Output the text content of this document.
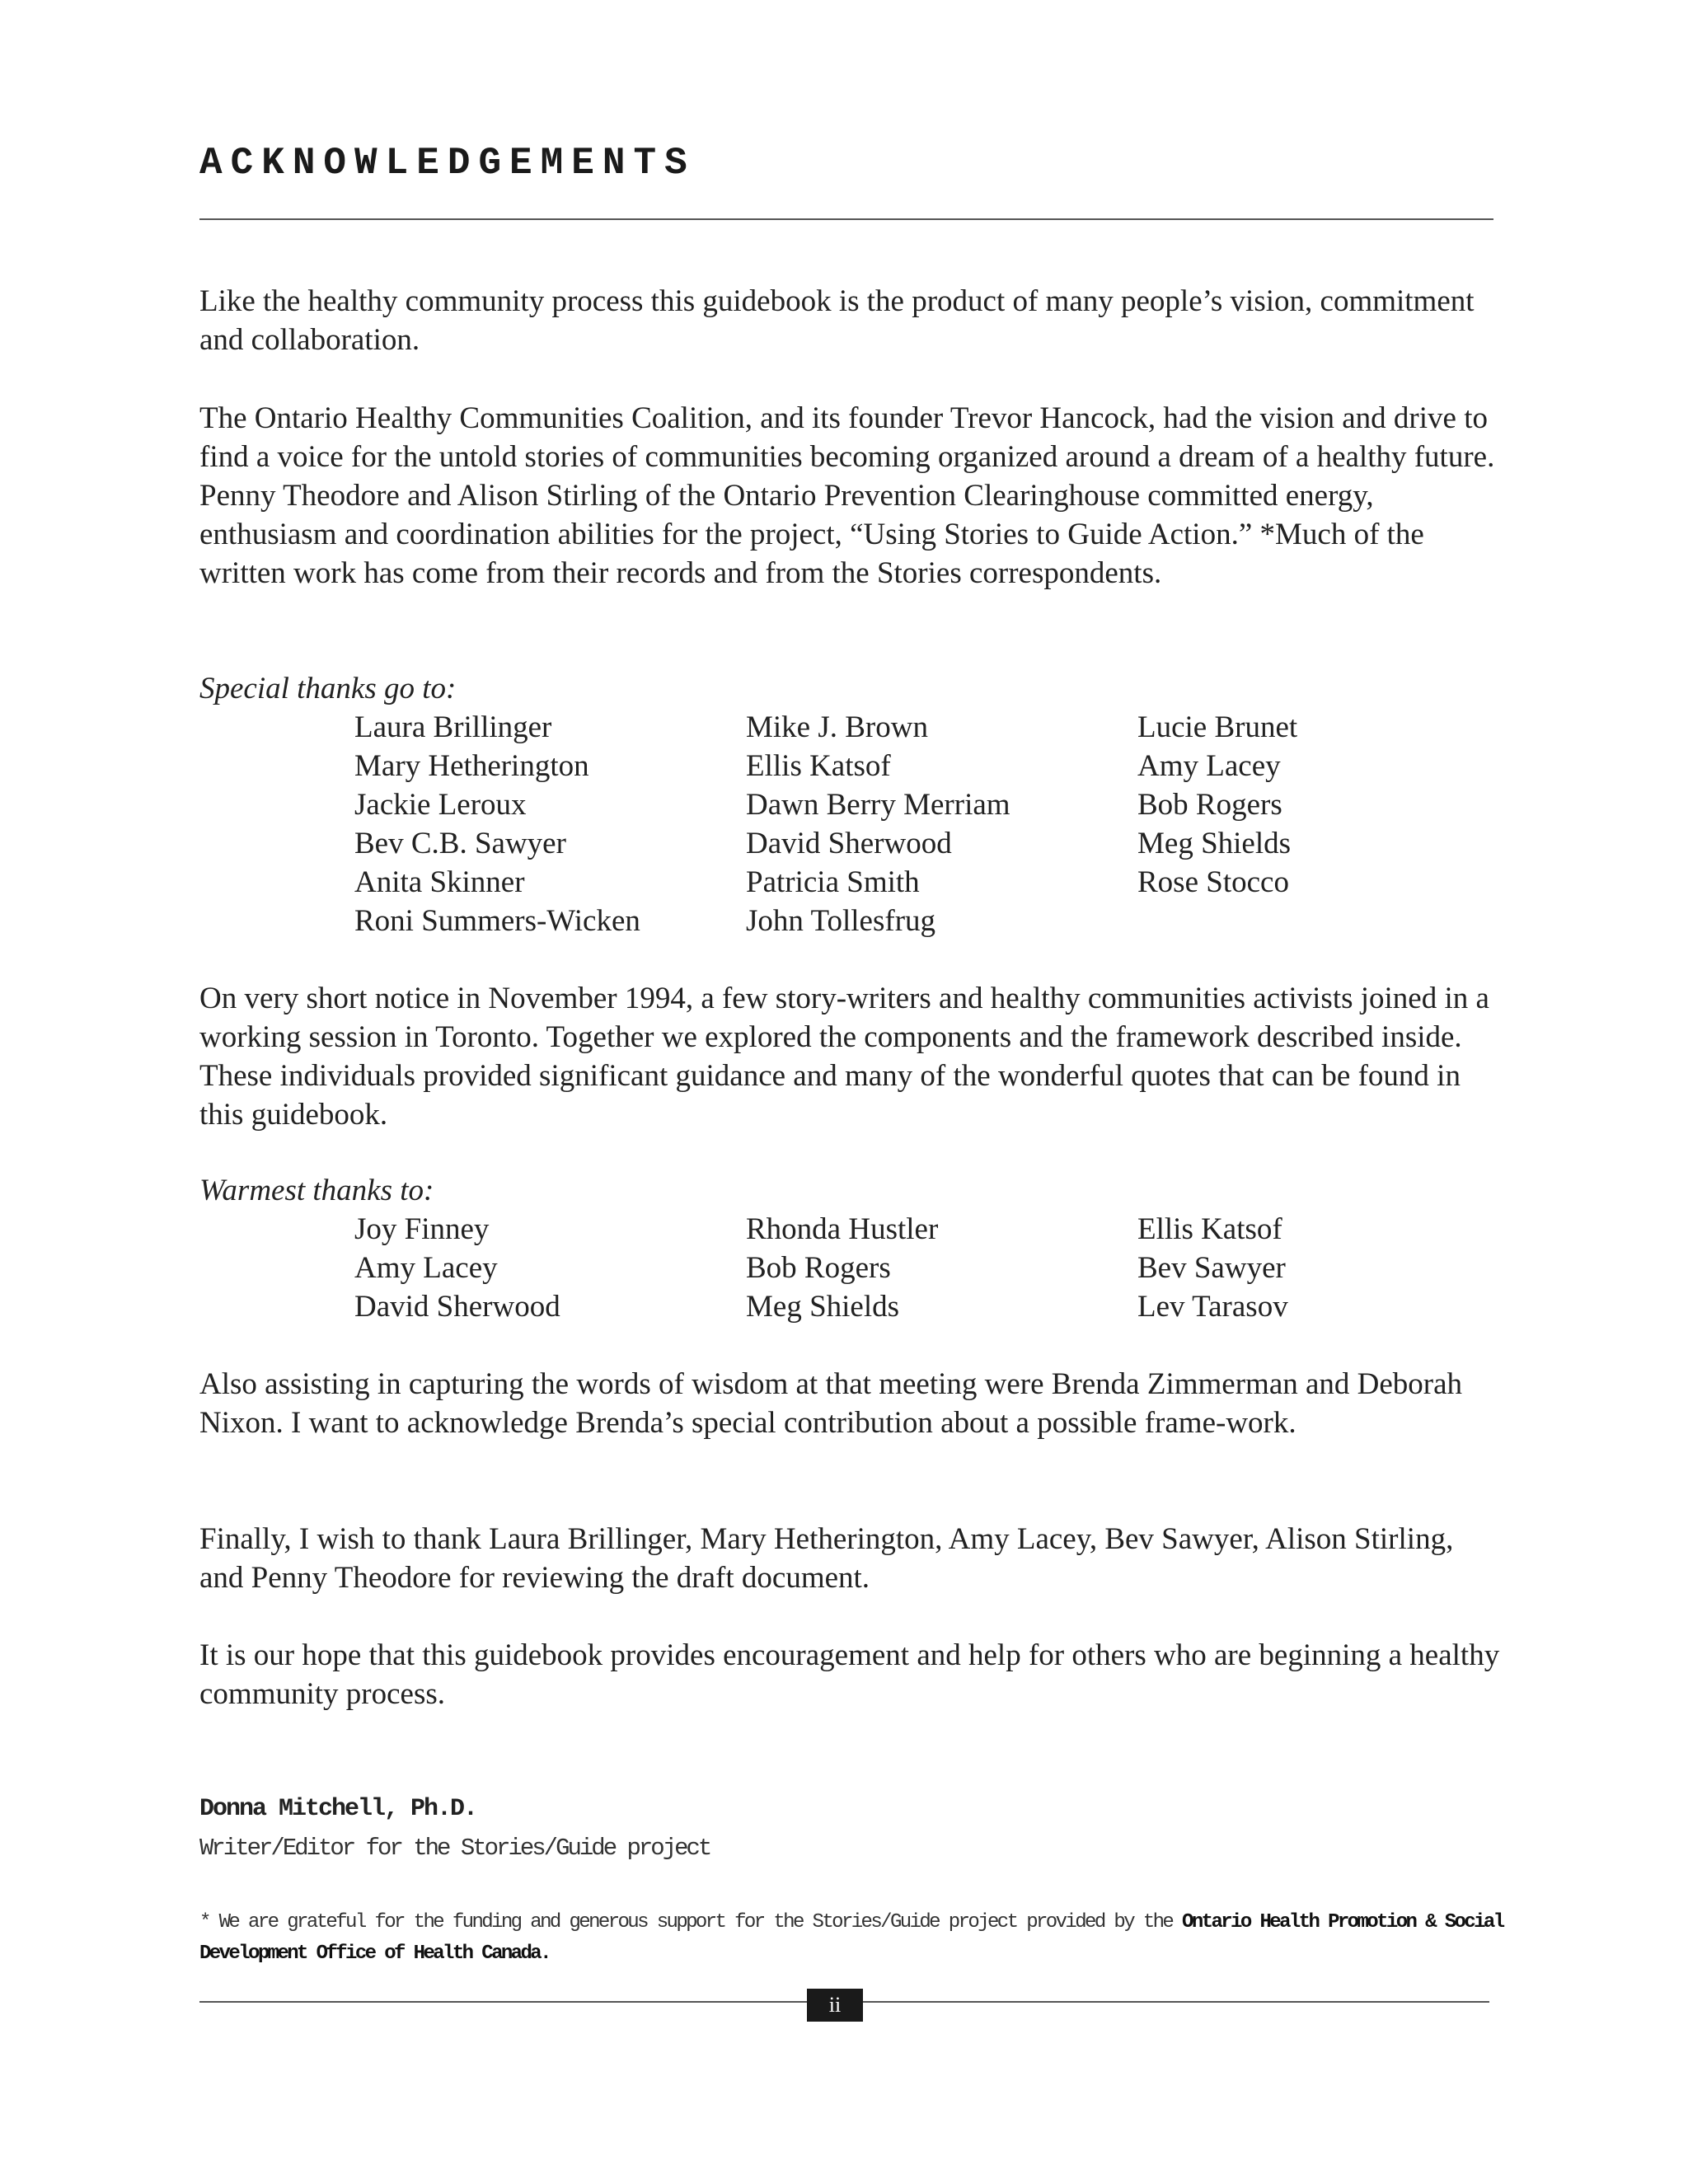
ACKNOWLEDGEMENTS

Like the healthy community process this guidebook is the product of many people’s vision, commitment and collaboration.

The Ontario Healthy Communities Coalition, and its founder Trevor Hancock, had the vision and drive to find a voice for the untold stories of communities becoming organized around a dream of a healthy future. Penny Theodore and Alison Stirling of the Ontario Prevention Clearinghouse committed energy, enthusiasm and coordination abilities for the project, “Using Stories to Guide Action.” *Much of the written work has come from their records and from the Stories correspondents.

Special thanks go to:
Laura Brillinger	Mike J. Brown	Lucie Brunet
Mary Hetherington	Ellis Katsof	Amy Lacey
Jackie Leroux	Dawn Berry Merriam	Bob Rogers
Bev C.B. Sawyer	David Sherwood	Meg Shields
Anita Skinner	Patricia Smith	Rose Stocco
Roni Summers-Wicken	John Tollesfrug

On very short notice in November 1994, a few story-writers and healthy communities activists joined in a working session in Toronto. Together we explored the components and the framework described inside. These individuals provided significant guidance and many of the wonderful quotes that can be found in this guidebook.

Warmest thanks to:
Joy Finney	Rhonda Hustler	Ellis Katsof
Amy Lacey	Bob Rogers	Bev Sawyer
David Sherwood	Meg Shields	Lev Tarasov

Also assisting in capturing the words of wisdom at that meeting were Brenda Zimmerman and Deborah Nixon. I want to acknowledge Brenda’s special contribution about a possible frame-work.

Finally, I wish to thank Laura Brillinger, Mary Hetherington, Amy Lacey, Bev Sawyer, Alison Stirling, and Penny Theodore for reviewing the draft document.

It is our hope that this guidebook provides encouragement and help for others who are beginning a healthy community process.

Donna Mitchell, Ph.D.
Writer/Editor for the Stories/Guide project
* We are grateful for the funding and generous support for the Stories/Guide project provided by the Ontario Health Promotion & Social Development Office of Health Canada.
ii
